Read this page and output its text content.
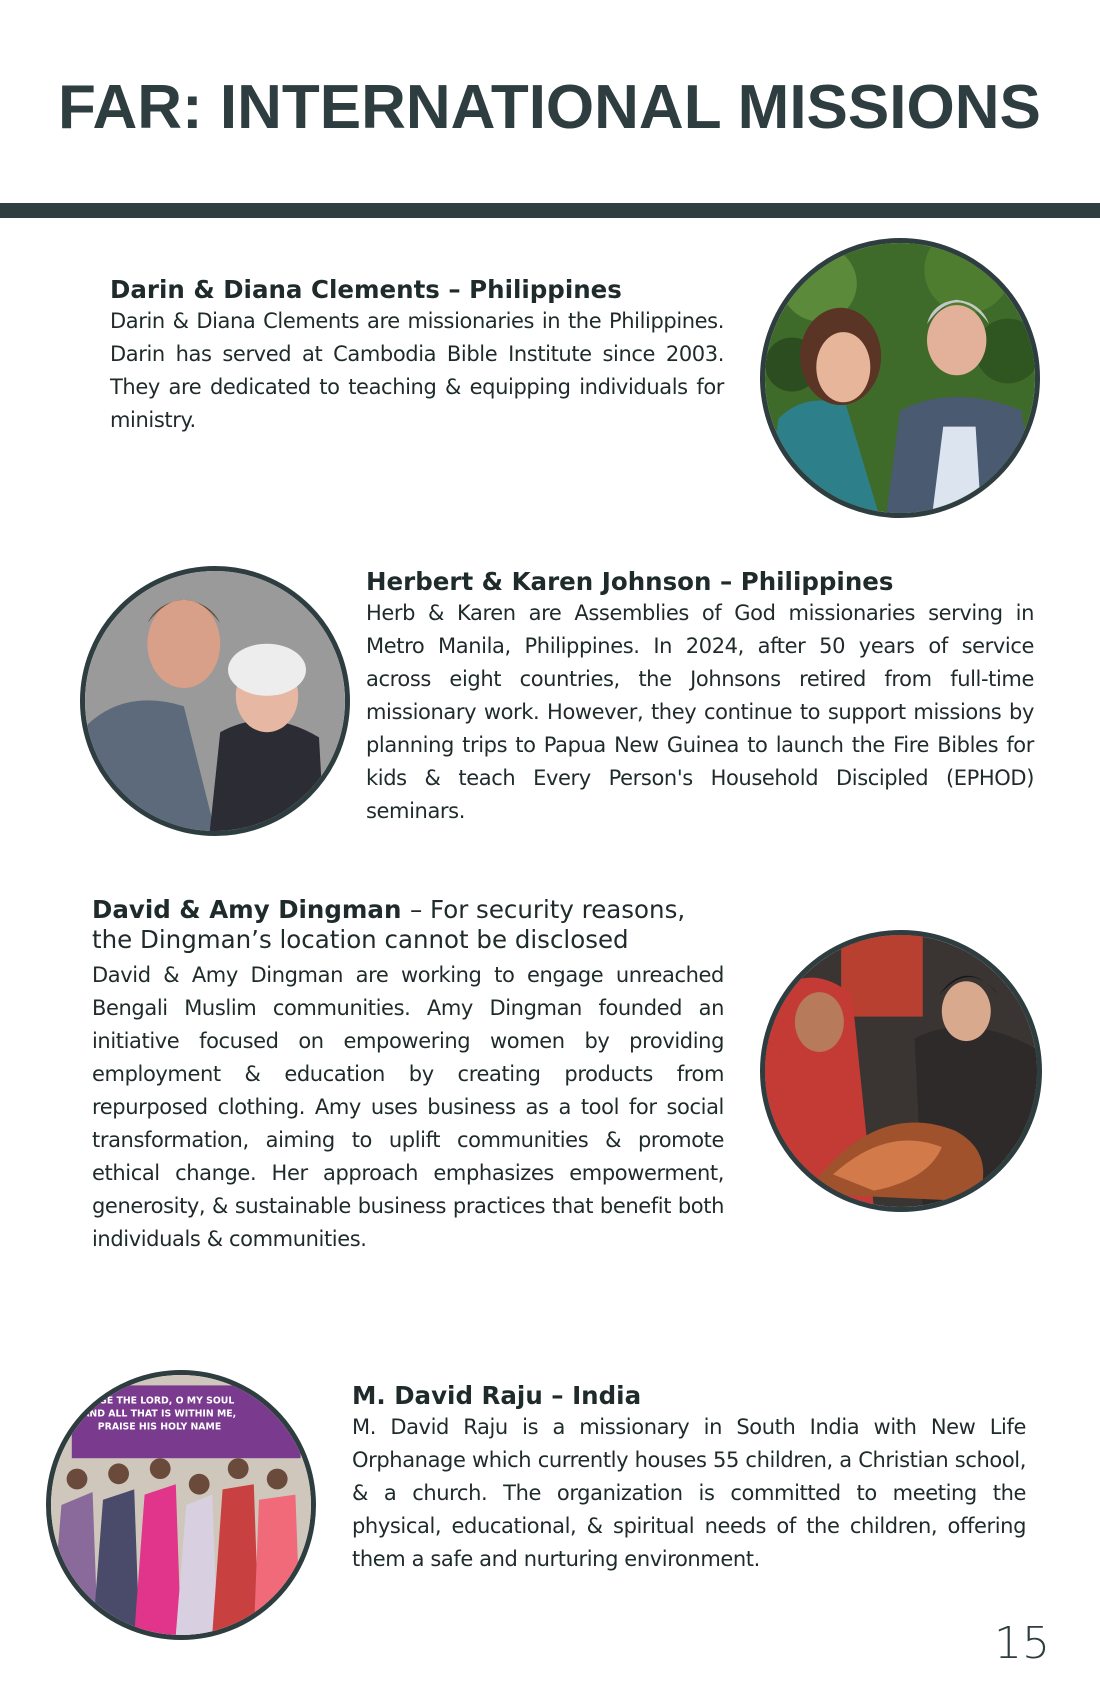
FAR: INTERNATIONAL MISSIONS

Darin & Diana Clements – Philippines

Darin & Diana Clements are missionaries in the Philippines. Darin has served at Cambodia Bible Institute since 2003. They are dedicated to teaching & equipping individuals for ministry.

Herbert & Karen Johnson – Philippines

Herb & Karen are Assemblies of God missionaries serving in Metro Manila, Philippines. In 2024, after 50 years of service across eight countries, the Johnsons retired from full-time missionary work. However, they continue to support missions by planning trips to Papua New Guinea to launch the Fire Bibles for kids & teach Every Person's Household Discipled (EPHOD) seminars.

David & Amy Dingman – For security reasons, the Dingman’s location cannot be disclosed

David & Amy Dingman are working to engage unreached Bengali Muslim communities. Amy Dingman founded an initiative focused on empowering women by providing employment & education by creating products from repurposed clothing. Amy uses business as a tool for social transformation, aiming to uplift communities & promote ethical change. Her approach emphasizes empowerment, generosity, & sustainable business practices that benefit both individuals & communities.

RAISE THE LORD, O MY SOUL
AND ALL THAT IS WITHIN ME,
PRAISE HIS HOLY NAME

M. David Raju – India

M. David Raju is a missionary in South India with New Life Orphanage which currently houses 55 children, a Christian school, & a church. The organization is committed to meeting the physical, educational, & spiritual needs of the children, offering them a safe and nurturing environment.

15
